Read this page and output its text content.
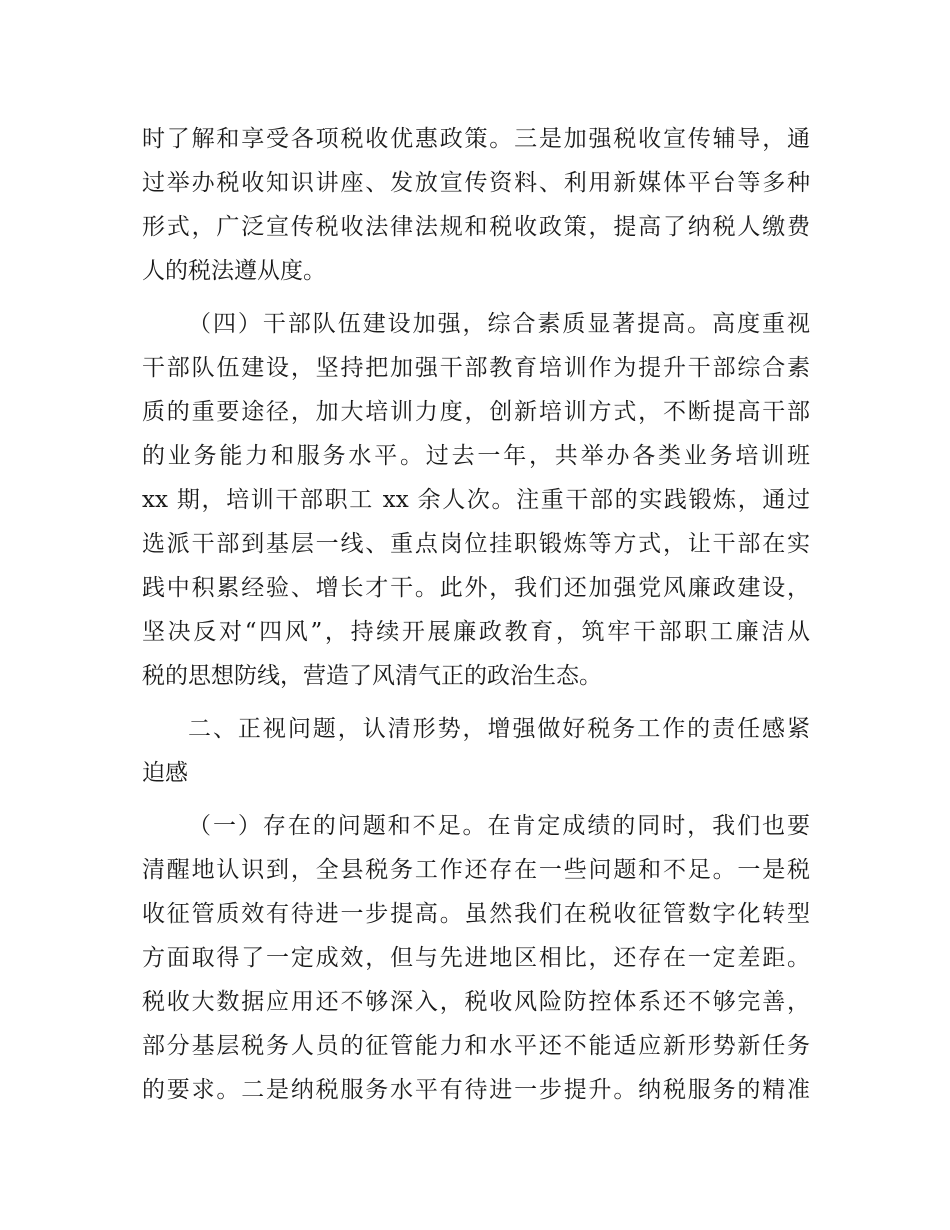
时了解和享受各项税收优惠政策。三是加强税收宣传辅导，通
过举办税收知识讲座、发放宣传资料、利用新媒体平台等多种
形式，广泛宣传税收法律法规和税收政策，提高了纳税人缴费
人的税法遵从度。
（四）干部队伍建设加强，综合素质显著提高。高度重视
干部队伍建设，坚持把加强干部教育培训作为提升干部综合素
质的重要途径，加大培训力度，创新培训方式，不断提高干部
的业务能力和服务水平。过去一年，共举办各类业务培训班
xx 期，培训干部职工 xx 余人次。注重干部的实践锻炼，通过
选派干部到基层一线、重点岗位挂职锻炼等方式，让干部在实
践中积累经验、增长才干。此外，我们还加强党风廉政建设，
坚决反对“四风”，持续开展廉政教育，筑牢干部职工廉洁从
税的思想防线，营造了风清气正的政治生态。
二、正视问题，认清形势，增强做好税务工作的责任感紧
迫感
（一）存在的问题和不足。在肯定成绩的同时，我们也要
清醒地认识到，全县税务工作还存在一些问题和不足。一是税
收征管质效有待进一步提高。虽然我们在税收征管数字化转型
方面取得了一定成效，但与先进地区相比，还存在一定差距。
税收大数据应用还不够深入，税收风险防控体系还不够完善，
部分基层税务人员的征管能力和水平还不能适应新形势新任务
的要求。二是纳税服务水平有待进一步提升。纳税服务的精准
